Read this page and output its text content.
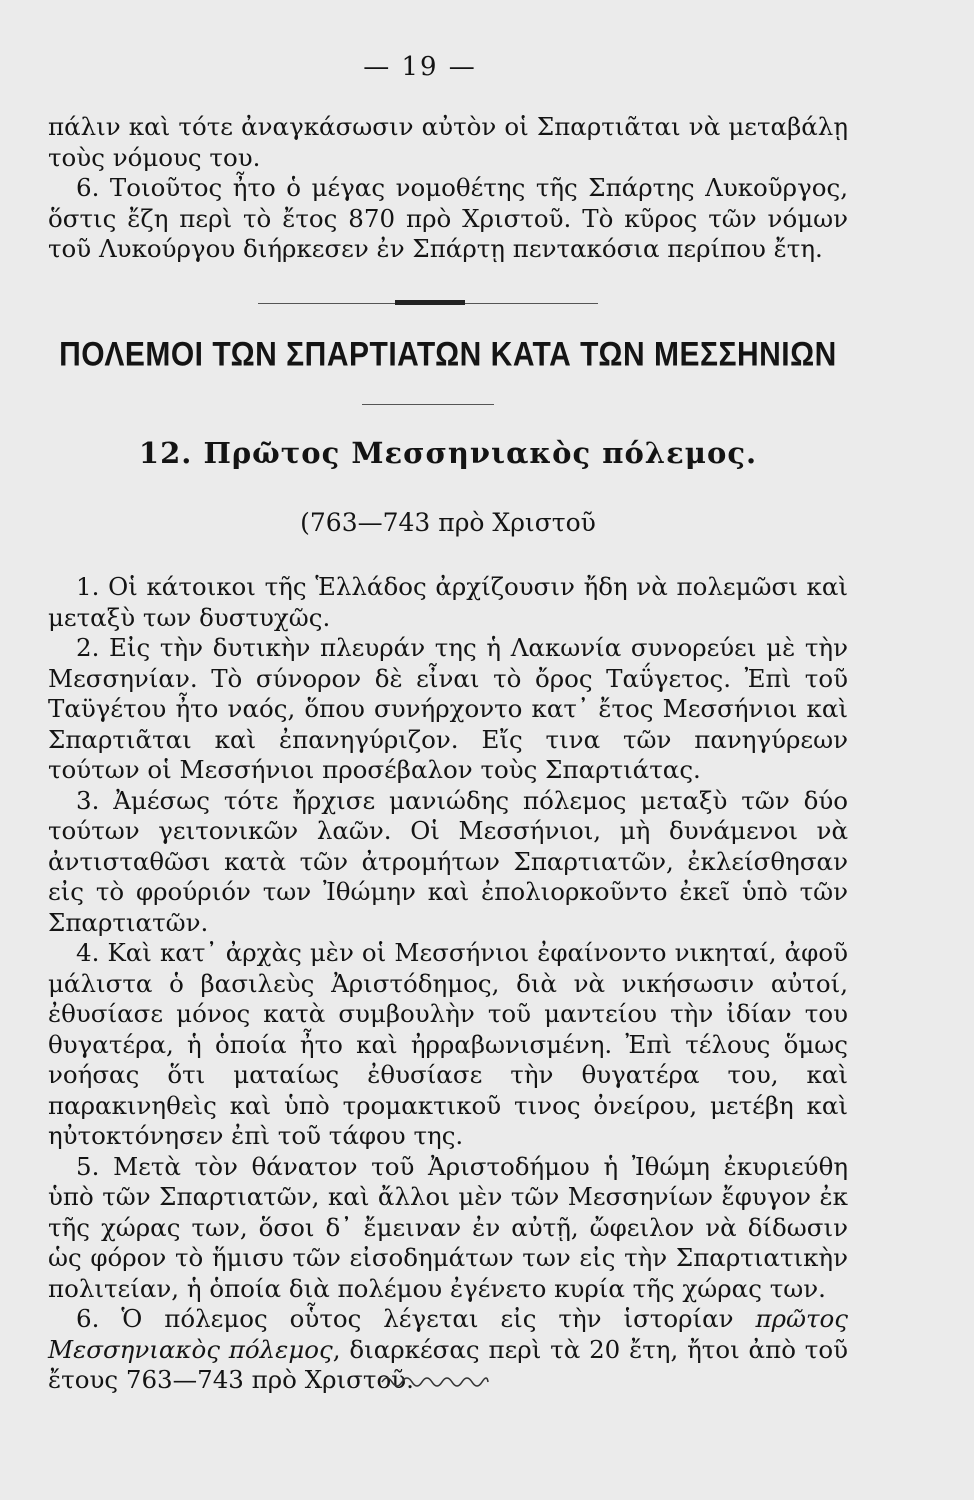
— 19 —

πάλιν καὶ τότε ἀναγκάσωσιν αὐτὸν οἱ Σπαρτιᾶται νὰ μεταβάλῃ τοὺς νόμους του.

6. Τοιοῦτος ἦτο ὁ μέγας νομοθέτης τῆς Σπάρτης Λυκοῦργος, ὅστις ἔζη περὶ τὸ ἔτος 870 πρὸ Χριστοῦ. Τὸ κῦρος τῶν νόμων τοῦ Λυκούργου διήρκεσεν ἐν Σπάρτῃ πεντακόσια περίπου ἔτη.

ΠΟΛΕΜΟΙ ΤΩΝ ΣΠΑΡΤΙΑΤΩΝ ΚΑΤΑ ΤΩΝ ΜΕΣΣΗΝΙΩΝ
12. Πρῶτος Μεσσηνιακὸς πόλεμος.
(763—743 πρὸ Χριστοῦ

1. Οἱ κάτοικοι τῆς Ἑλλάδος ἀρχίζουσιν ἤδη νὰ πολεμῶσι καὶ μεταξὺ των δυστυχῶς.

2. Εἰς τὴν δυτικὴν πλευράν της ἡ Λακωνία συνορεύει μὲ τὴν Μεσσηνίαν. Τὸ σύνορον δὲ εἶναι τὸ ὄρος Ταΰγετος. Ἐπὶ τοῦ Ταϋγέτου ἦτο ναός, ὅπου συνήρχοντο κατ᾽ ἔτος Μεσσήνιοι καὶ Σπαρτιᾶται καὶ ἐπανηγύριζον. Εἴς τινα τῶν πανηγύρεων τούτων οἱ Μεσσήνιοι προσέβαλον τοὺς Σπαρτιάτας.

3. Ἀμέσως τότε ἤρχισε μανιώδης πόλεμος μεταξὺ τῶν δύο τούτων γειτονικῶν λαῶν. Οἱ Μεσσήνιοι, μὴ δυνάμενοι νὰ ἀντισταθῶσι κατὰ τῶν ἀτρομήτων Σπαρτιατῶν, ἐκλείσθησαν εἰς τὸ φρούριόν των Ἰθώμην καὶ ἐπολιορκοῦντο ἐκεῖ ὑπὸ τῶν Σπαρτιατῶν.

4. Καὶ κατ᾽ ἀρχὰς μὲν οἱ Μεσσήνιοι ἐφαίνοντο νικηταί, ἀφοῦ μάλιστα ὁ βασιλεὺς Ἀριστόδημος, διὰ νὰ νικήσωσιν αὐτοί, ἐθυσίασε μόνος κατὰ συμβουλὴν τοῦ μαντείου τὴν ἰδίαν του θυγατέρα, ἡ ὁποία ἦτο καὶ ἠρραβωνισμένη. Ἐπὶ τέλους ὅμως νοήσας ὅτι ματαίως ἐθυσίασε τὴν θυγατέρα του, καὶ παρακινηθεὶς καὶ ὑπὸ τρομακτικοῦ τινος ὀνείρου, μετέβη καὶ ηὐτοκτόνησεν ἐπὶ τοῦ τάφου της.

5. Μετὰ τὸν θάνατον τοῦ Ἀριστοδήμου ἡ Ἰθώμη ἐκυριεύθη ὑπὸ τῶν Σπαρτιατῶν, καὶ ἄλλοι μὲν τῶν Μεσσηνίων ἔφυγον ἐκ τῆς χώρας των, ὅσοι δ᾽ ἔμειναν ἐν αὐτῇ, ὤφειλον νὰ δίδωσιν ὡς φόρον τὸ ἥμισυ τῶν εἰσοδημάτων των εἰς τὴν Σπαρτιατικὴν πολιτείαν, ἡ ὁποία διὰ πολέμου ἐγένετο κυρία τῆς χώρας των.

6. Ὁ πόλεμος οὗτος λέγεται εἰς τὴν ἱστορίαν πρῶτος Μεσσηνιακὸς πόλεμος, διαρκέσας περὶ τὰ 20 ἔτη, ἤτοι ἀπὸ τοῦ ἔτους 763—743 πρὸ Χριστοῦ.
